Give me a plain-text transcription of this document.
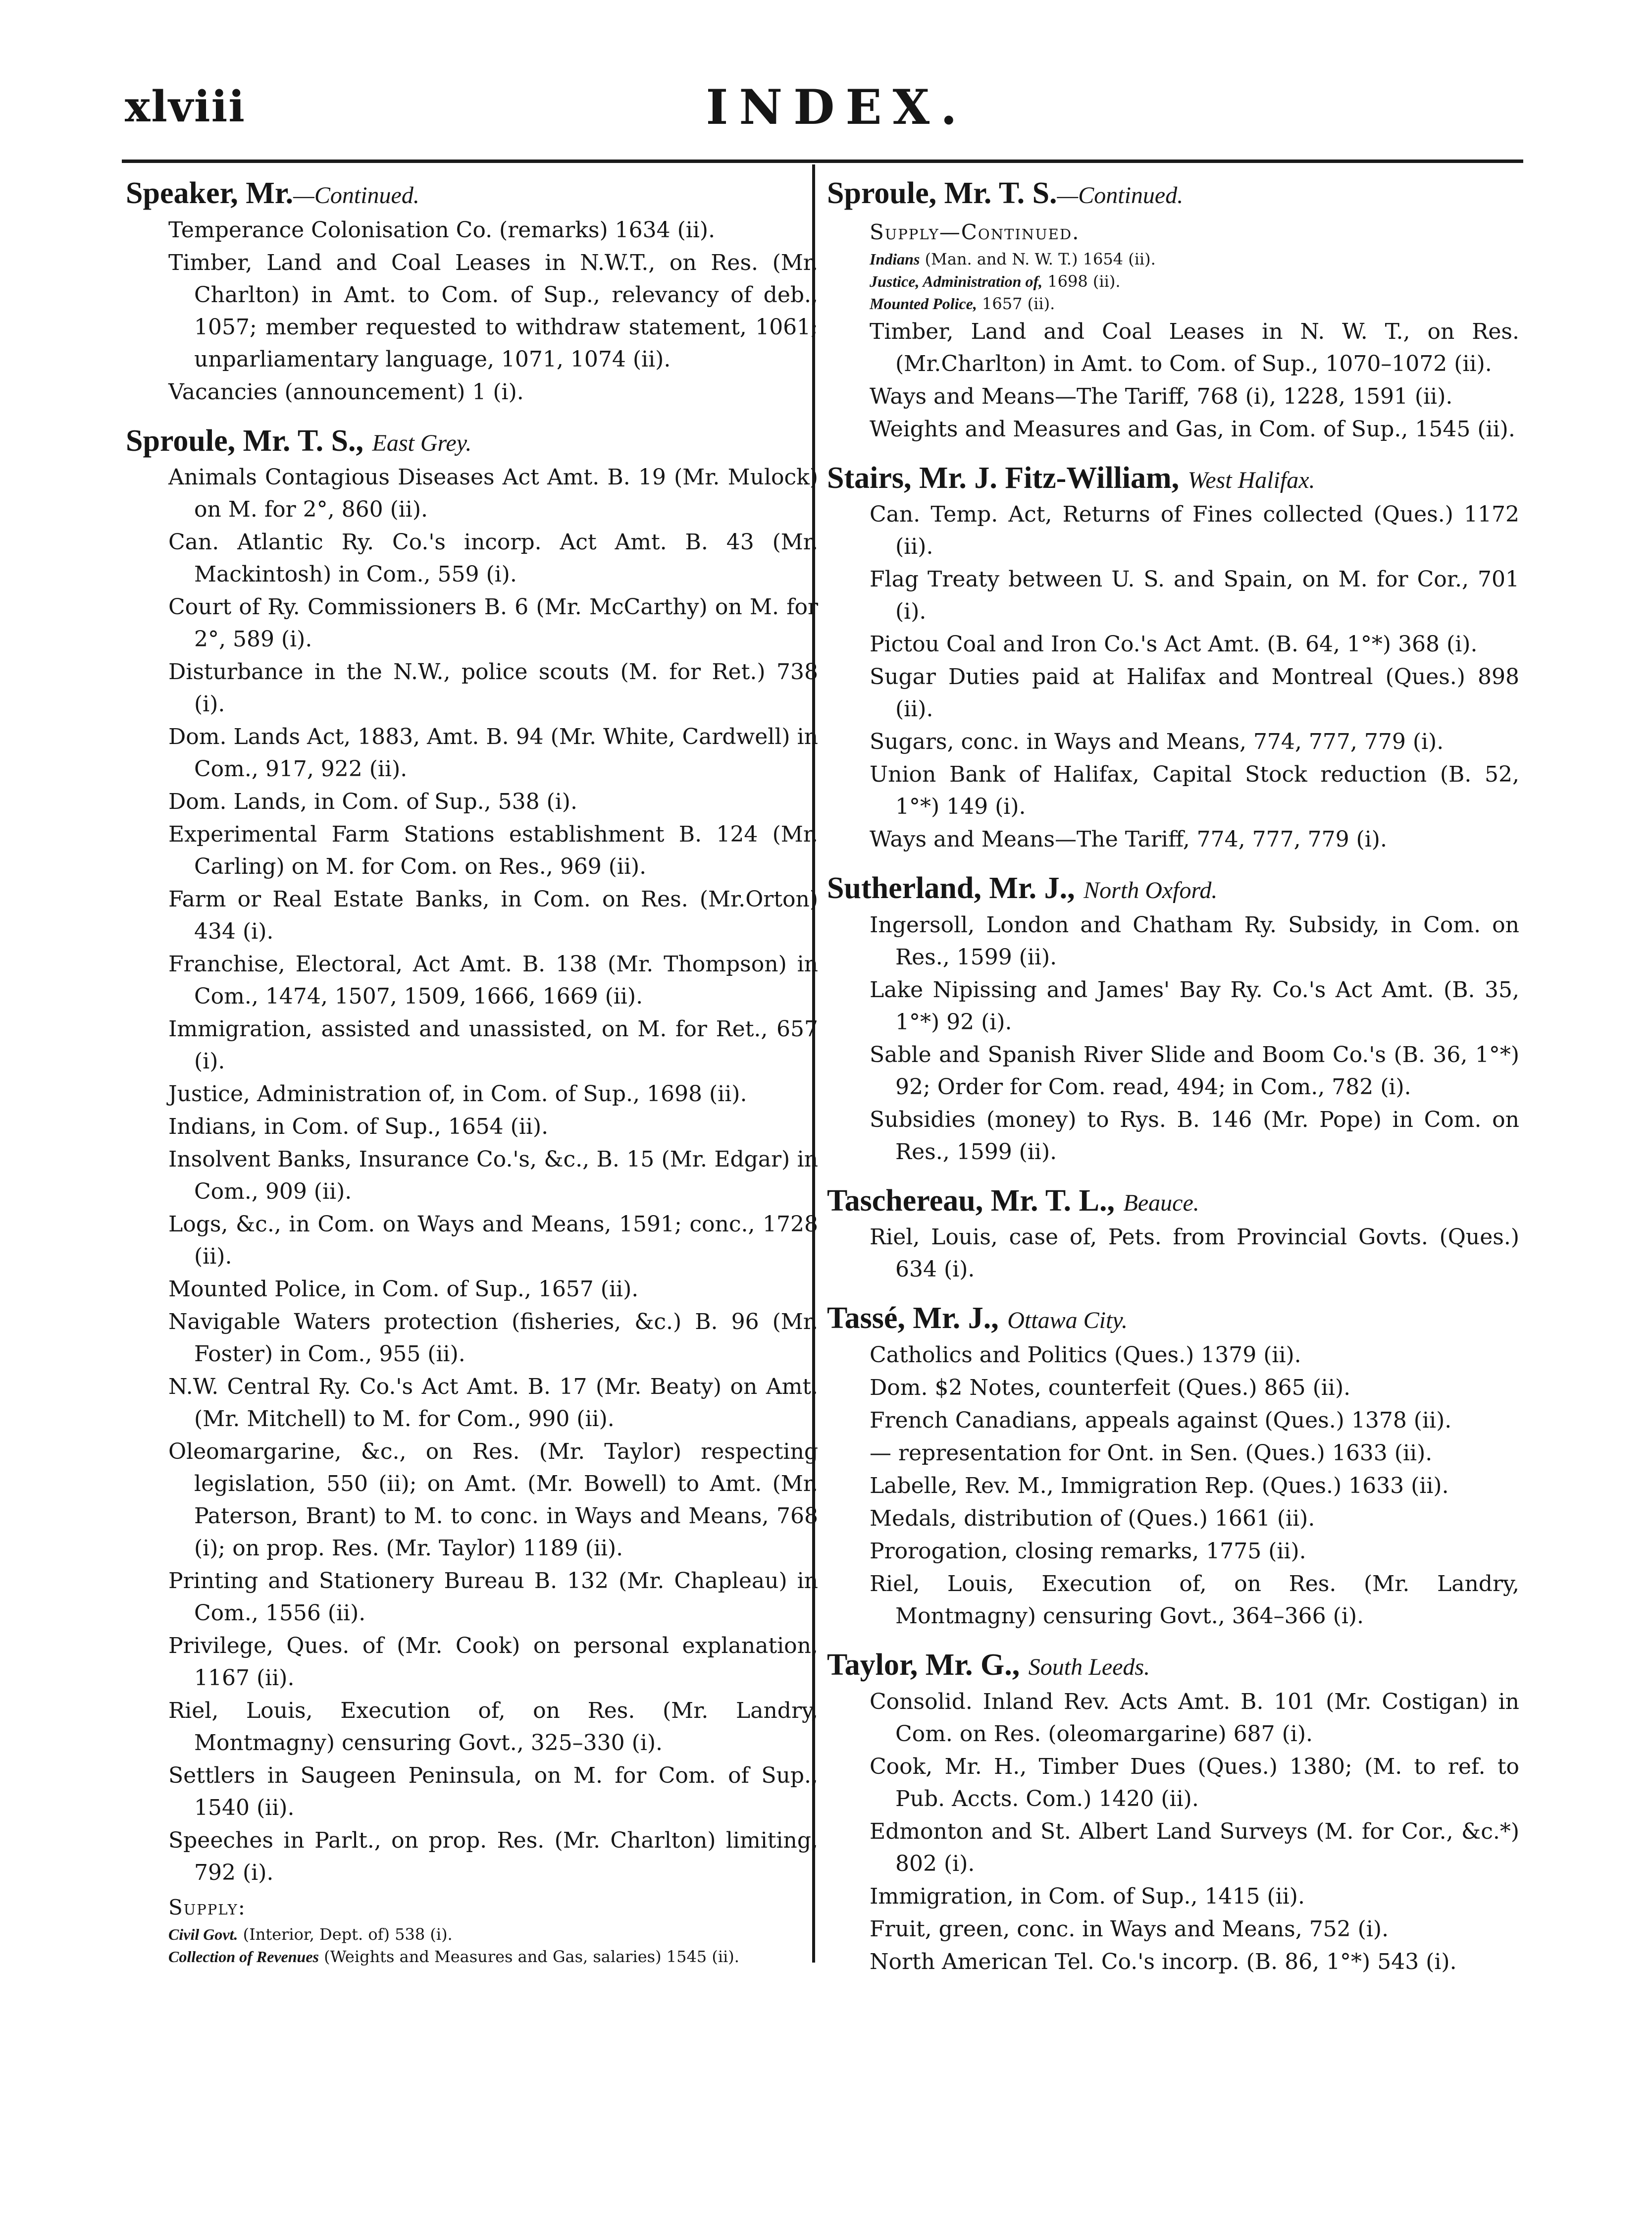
xlviii	INDEX.
Speaker, Mr.—Continued.
Temperance Colonisation Co. (remarks) 1634 (ii).
Timber, Land and Coal Leases in N.W.T., on Res. (Mr. Charlton) in Amt. to Com. of Sup., relevancy of deb., 1057; member requested to withdraw statement, 1061; unparliamentary language, 1071, 1074 (ii).
Vacancies (announcement) 1 (i).
Sproule, Mr. T. S., East Grey.
Animals Contagious Diseases Act Amt. B. 19 (Mr. Mulock) on M. for 2°, 860 (ii).
Can. Atlantic Ry. Co.'s incorp. Act Amt. B. 43 (Mr. Mackintosh) in Com., 559 (i).
Court of Ry. Commissioners B. 6 (Mr. McCarthy) on M. for 2°, 589 (i).
Disturbance in the N.W., police scouts (M. for Ret.) 738 (i).
Dom. Lands Act, 1883, Amt. B. 94 (Mr. White, Cardwell) in Com., 917, 922 (ii).
Dom. Lands, in Com. of Sup., 538 (i).
Experimental Farm Stations establishment B. 124 (Mr. Carling) on M. for Com. on Res., 969 (ii).
Farm or Real Estate Banks, in Com. on Res. (Mr.Orton) 434 (i).
Franchise, Electoral, Act Amt. B. 138 (Mr. Thompson) in Com., 1474, 1507, 1509, 1666, 1669 (ii).
Immigration, assisted and unassisted, on M. for Ret., 657 (i).
Justice, Administration of, in Com. of Sup., 1698 (ii).
Indians, in Com. of Sup., 1654 (ii).
Insolvent Banks, Insurance Co.'s, &c., B. 15 (Mr. Edgar) in Com., 909 (ii).
Logs, &c., in Com. on Ways and Means, 1591; conc., 1728 (ii).
Mounted Police, in Com. of Sup., 1657 (ii).
Navigable Waters protection (fisheries, &c.) B. 96 (Mr. Foster) in Com., 955 (ii).
N.W. Central Ry. Co.'s Act Amt. B. 17 (Mr. Beaty) on Amt. (Mr. Mitchell) to M. for Com., 990 (ii).
Oleomargarine, &c., on Res. (Mr. Taylor) respecting legislation, 550 (ii); on Amt. (Mr. Bowell) to Amt. (Mr. Paterson, Brant) to M. to conc. in Ways and Means, 768 (i); on prop. Res. (Mr. Taylor) 1189 (ii).
Printing and Stationery Bureau B. 132 (Mr. Chapleau) in Com., 1556 (ii).
Privilege, Ques. of (Mr. Cook) on personal explanation, 1167 (ii).
Riel, Louis, Execution of, on Res. (Mr. Landry, Montmagny) censuring Govt., 325–330 (i).
Settlers in Saugeen Peninsula, on M. for Com. of Sup., 1540 (ii).
Speeches in Parlt., on prop. Res. (Mr. Charlton) limiting, 792 (i).
Supply:
Civil Govt. (Interior, Dept. of) 538 (i).
Collection of Revenues (Weights and Measures and Gas, salaries) 1545 (ii).
Sproule, Mr. T. S.—Continued.
Supply—Continued.
Indians (Man. and N. W. T.) 1654 (ii).
Justice, Administration of, 1698 (ii).
Mounted Police, 1657 (ii).
Timber, Land and Coal Leases in N. W. T., on Res. (Mr.Charlton) in Amt. to Com. of Sup., 1070–1072 (ii).
Ways and Means—The Tariff, 768 (i), 1228, 1591 (ii).
Weights and Measures and Gas, in Com. of Sup., 1545 (ii).
Stairs, Mr. J. Fitz-William, West Halifax.
Can. Temp. Act, Returns of Fines collected (Ques.) 1172 (ii).
Flag Treaty between U. S. and Spain, on M. for Cor., 701 (i).
Pictou Coal and Iron Co.'s Act Amt. (B. 64, 1°*) 368 (i).
Sugar Duties paid at Halifax and Montreal (Ques.) 898 (ii).
Sugars, conc. in Ways and Means, 774, 777, 779 (i).
Union Bank of Halifax, Capital Stock reduction (B. 52, 1°*) 149 (i).
Ways and Means—The Tariff, 774, 777, 779 (i).
Sutherland, Mr. J., North Oxford.
Ingersoll, London and Chatham Ry. Subsidy, in Com. on Res., 1599 (ii).
Lake Nipissing and James' Bay Ry. Co.'s Act Amt. (B. 35, 1°*) 92 (i).
Sable and Spanish River Slide and Boom Co.'s (B. 36, 1°*) 92; Order for Com. read, 494; in Com., 782 (i).
Subsidies (money) to Rys. B. 146 (Mr. Pope) in Com. on Res., 1599 (ii).
Taschereau, Mr. T. L., Beauce.
Riel, Louis, case of, Pets. from Provincial Govts. (Ques.) 634 (i).
Tassé, Mr. J., Ottawa City.
Catholics and Politics (Ques.) 1379 (ii).
Dom. $2 Notes, counterfeit (Ques.) 865 (ii).
French Canadians, appeals against (Ques.) 1378 (ii).
— representation for Ont. in Sen. (Ques.) 1633 (ii).
Labelle, Rev. M., Immigration Rep. (Ques.) 1633 (ii).
Medals, distribution of (Ques.) 1661 (ii).
Prorogation, closing remarks, 1775 (ii).
Riel, Louis, Execution of, on Res. (Mr. Landry, Montmagny) censuring Govt., 364–366 (i).
Taylor, Mr. G., South Leeds.
Consolid. Inland Rev. Acts Amt. B. 101 (Mr. Costigan) in Com. on Res. (oleomargarine) 687 (i).
Cook, Mr. H., Timber Dues (Ques.) 1380; (M. to ref. to Pub. Accts. Com.) 1420 (ii).
Edmonton and St. Albert Land Surveys (M. for Cor., &c.*) 802 (i).
Immigration, in Com. of Sup., 1415 (ii).
Fruit, green, conc. in Ways and Means, 752 (i).
North American Tel. Co.'s incorp. (B. 86, 1°*) 543 (i).
